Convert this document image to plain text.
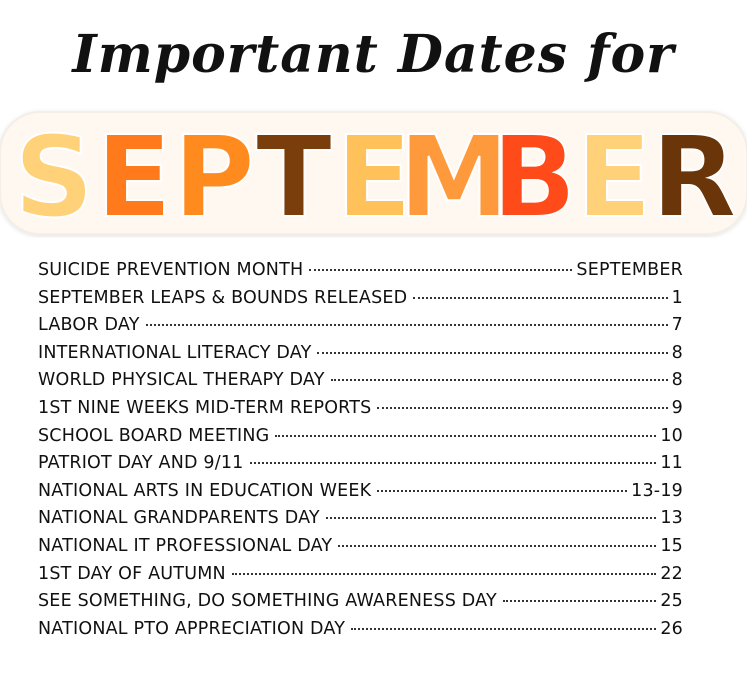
Important Dates for
S E P T E
M
B E
R
SUICIDE PREVENTION MONTH	SEPTEMBER
SEPTEMBER LEAPS & BOUNDS RELEASED	1
LABOR DAY	7
INTERNATIONAL LITERACY DAY	8
WORLD PHYSICAL THERAPY DAY	8
1ST NINE WEEKS MID-TERM REPORTS	9
SCHOOL BOARD MEETING	10
PATRIOT DAY AND 9/11	11
NATIONAL ARTS IN EDUCATION WEEK	13-19
NATIONAL GRANDPARENTS DAY	13
NATIONAL IT PROFESSIONAL DAY	15
1ST DAY OF AUTUMN	22
SEE SOMETHING, DO SOMETHING AWARENESS DAY	25
NATIONAL PTO APPRECIATION DAY	26
